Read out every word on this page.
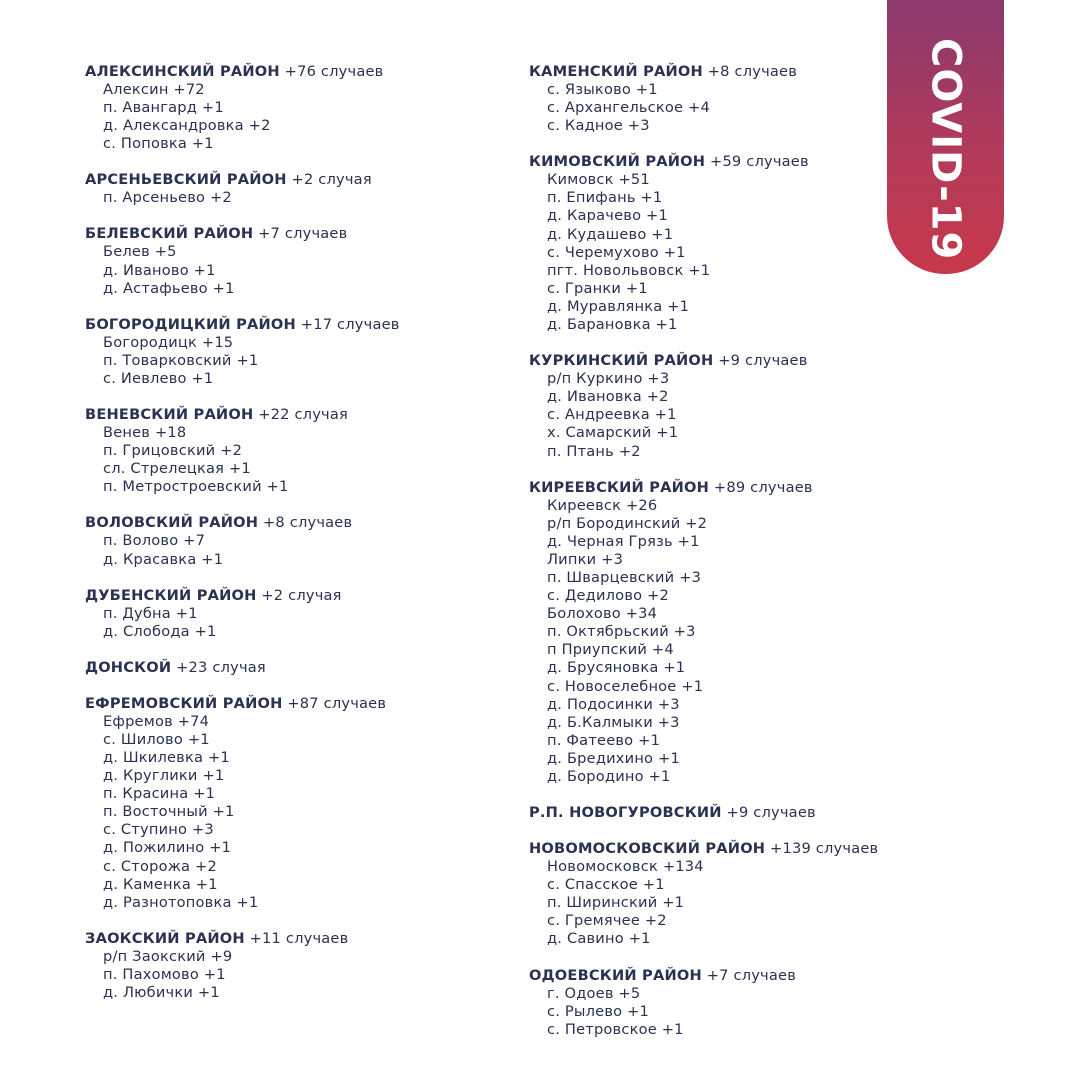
АЛЕКСИНСКИЙ РАЙОН +76 случаев
Алексин +72
п. Авангард +1
д. Александровка +2
с. Поповка +1
АРСЕНЬЕВСКИЙ РАЙОН +2 случая
п. Арсеньево +2
БЕЛЕВСКИЙ РАЙОН +7 случаев
Белев +5
д. Иваново +1
д. Астафьево +1
БОГОРОДИЦКИЙ РАЙОН +17 случаев
Богородицк +15
п. Товарковский +1
с. Иевлево +1
ВЕНЕВСКИЙ РАЙОН +22 случая
Венев +18
п. Грицовский +2
сл. Стрелецкая +1
п. Метростроевский +1
ВОЛОВСКИЙ РАЙОН +8 случаев
п. Волово +7
д. Красавка +1
ДУБЕНСКИЙ РАЙОН +2 случая
п. Дубна +1
д. Слобода +1
ДОНСКОЙ +23 случая
ЕФРЕМОВСКИЙ РАЙОН +87 случаев
Ефремов +74
с. Шилово +1
д. Шкилевка +1
д. Круглики +1
п. Красина +1
п. Восточный +1
с. Ступино +3
д. Пожилино +1
с. Сторожа +2
д. Каменка +1
д. Разнотоповка +1
ЗАОКСКИЙ РАЙОН +11 случаев
р/п Заокский +9
п. Пахомово +1
д. Любички +1
КАМЕНСКИЙ РАЙОН +8 случаев
с. Языково +1
с. Архангельское +4
с. Кадное +3
КИМОВСКИЙ РАЙОН +59 случаев
Кимовск +51
п. Епифань +1
д. Карачево +1
д. Кудашево +1
с. Черемухово +1
пгт. Новольвовск +1
с. Гранки +1
д. Муравлянка +1
д. Барановка +1
КУРКИНСКИЙ РАЙОН +9 случаев
р/п Куркино +3
д. Ивановка +2
с. Андреевка +1
х. Самарский +1
п. Птань +2
КИРЕЕВСКИЙ РАЙОН +89 случаев
Киреевск +26
р/п Бородинский +2
д. Черная Грязь +1
Липки +3
п. Шварцевский +3
с. Дедилово +2
Болохово +34
п. Октябрьский +3
п Приупский +4
д. Брусяновка +1
с. Новоселебное +1
д. Подосинки +3
д. Б.Калмыки +3
п. Фатеево +1
д. Бредихино +1
д. Бородино +1
Р.П. НОВОГУРОВСКИЙ +9 случаев
НОВОМОСКОВСКИЙ РАЙОН +139 случаев
Новомосковск +134
с. Спасское +1
п. Ширинский +1
с. Гремячее +2
д. Савино +1
ОДОЕВСКИЙ РАЙОН +7 случаев
г. Одоев +5
с. Рылево +1
с. Петровское +1
COVID-19
